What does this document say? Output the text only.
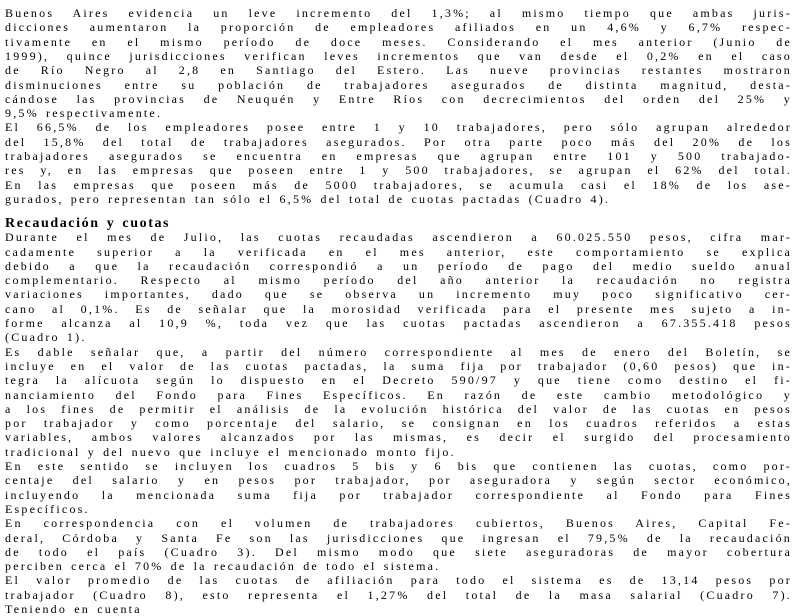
Buenos Aires evidencia un leve incremento del 1,3%; al mismo tiempo que ambas juris-
dicciones aumentaron la proporción de empleadores afiliados en un 4,6% y 6,7% respec-
tivamente en el mismo período de doce meses. Considerando el mes anterior (Junio de
1999), quince jurisdicciones verifican leves incrementos que van desde el 0,2% en el caso
de Río Negro al 2,8 en Santiago del Estero. Las nueve provincias restantes mostraron
disminuciones entre su población de trabajadores asegurados de distinta magnitud, desta-
cándose las provincias de Neuquén y Entre Ríos con decrecimientos del orden del 25% y
9,5% respectivamente.
El 66,5% de los empleadores posee entre 1 y 10 trabajadores, pero sólo agrupan alrededor
del 15,8% del total de trabajadores asegurados. Por otra parte poco más del 20% de los
trabajadores asegurados se encuentra en empresas que agrupan entre 101 y 500 trabajado-
res y, en las empresas que poseen entre 1 y 500 trabajadores, se agrupan el 62% del total.
En las empresas que poseen más de 5000 trabajadores, se acumula casi el 18% de los ase-
gurados, pero representan tan sólo el 6,5% del total de cuotas pactadas (Cuadro 4).
Recaudación y cuotas
Durante el mes de Julio, las cuotas recaudadas ascendieron a 60.025.550 pesos, cifra mar-
cadamente superior a la verificada en el mes anterior, este comportamiento se explica
debido a que la recaudación correspondió a un período de pago del medio sueldo anual
complementario. Respecto al mismo período del año anterior la recaudación no registra
variaciones importantes, dado que se observa un incremento muy poco significativo cer-
cano al 0,1%. Es de señalar que la morosidad verificada para el presente mes sujeto a in-
forme alcanza al 10,9 %, toda vez que las cuotas pactadas ascendieron a 67.355.418 pesos
(Cuadro 1).
Es dable señalar que, a partir del número correspondiente al mes de enero del Boletín, se
incluye en el valor de las cuotas pactadas, la suma fija por trabajador (0,60 pesos) que in-
tegra la alícuota según lo dispuesto en el Decreto 590/97 y que tiene como destino el fi-
nanciamiento del Fondo para Fines Específicos. En razón de este cambio metodológico y
a los fines de permitir el análisis de la evolución histórica del valor de las cuotas en pesos
por trabajador y como porcentaje del salario, se consignan en los cuadros referidos a estas
variables, ambos valores alcanzados por las mismas, es decir el surgido del procesamiento
tradicional y del nuevo que incluye el mencionado monto fijo.
En este sentido se incluyen los cuadros 5 bis y 6 bis que contienen las cuotas, como por-
centaje del salario y en pesos por trabajador, por aseguradora y según sector económico,
incluyendo la mencionada suma fija por trabajador correspondiente al Fondo para Fines
Específicos.
En correspondencia con el volumen de trabajadores cubiertos, Buenos Aires, Capital Fe-
deral, Córdoba y Santa Fe son las jurisdicciones que ingresan el 79,5% de la recaudación
de todo el país (Cuadro 3). Del mismo modo que siete aseguradoras de mayor cobertura
perciben cerca el 70% de la recaudación de todo el sistema.
El valor promedio de las cuotas de afiliación para todo el sistema es de 13,14 pesos por
trabajador (Cuadro 8), esto representa el 1,27% del total de la masa salarial (Cuadro 7).
Teniendo en cuenta
